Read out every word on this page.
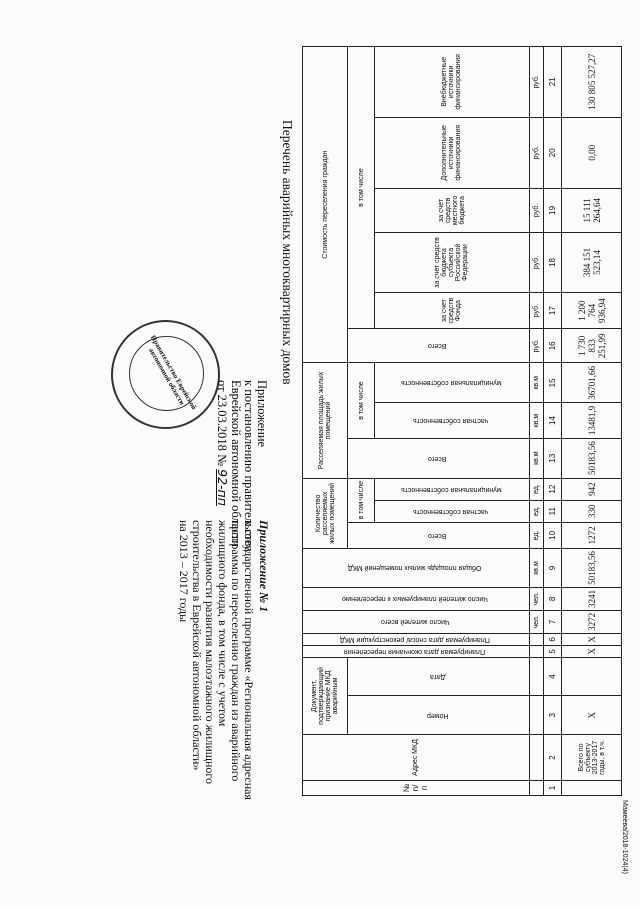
Мамеева/2018-1024(4)
№ п/п	Адрес МКД	Документ, подтверждающий признание МКД аварийным		Планируемая дата окончания переселения	Планируемая дата сноса/ реконструкции МКД	Число жителей всего	Число жителей планируемых к переселению	Общая площадь жилых помещений МКД	Количество расселяемых жилых помещений			Расселяемая площадь жилых помещений			Стоимость переселения граждан					
		Номер	Дата						Всего	в том числе		Всего	в том числе		Всего	в том числе				
										частная собственность	муниципальная собственность		частная собственность	муниципальная собственность		за счет средств Фонда	за счет средств бюджета субъекта Российской Федерации	за счет средств местного бюджета	Дополнительные источники финансирования	Внебюджетные источники финансирования
						чел.	чел.	кв.м	ед.	ед.	ед.	кв.м	кв.м	кв.м	руб.	руб.	руб.	руб.	руб.	руб.
1	2	3	4	5	6	7	8	9	10	11	12	13	14	15	16	17	18	19	20	21
	Всего по субъекту 2013-2017 годы, в т.ч.	X		X	X	3272	3241	50183,56	1272	330	942	50183,56	13481,9	36701,66	1 730 833 251,99	1 200 764 936,94	384 151 523,14	15 111 264,64	0,00	130 805 527,27
Перечень аварийных многоквартирных домов
Правительство Еврейской автономной области
Приложение
к постановлению правительства
Еврейской автономной области
от 23.03.2018 № 92-пп
Приложение № 1
к государственной программе «Региональная адресная
программа по переселению граждан из аварийного
жилищного фонда, в том числе с учетом
необходимости развития малоэтажного жилищного
строительства в Еврейской автономной области»
на 2013 – 2017 годы
